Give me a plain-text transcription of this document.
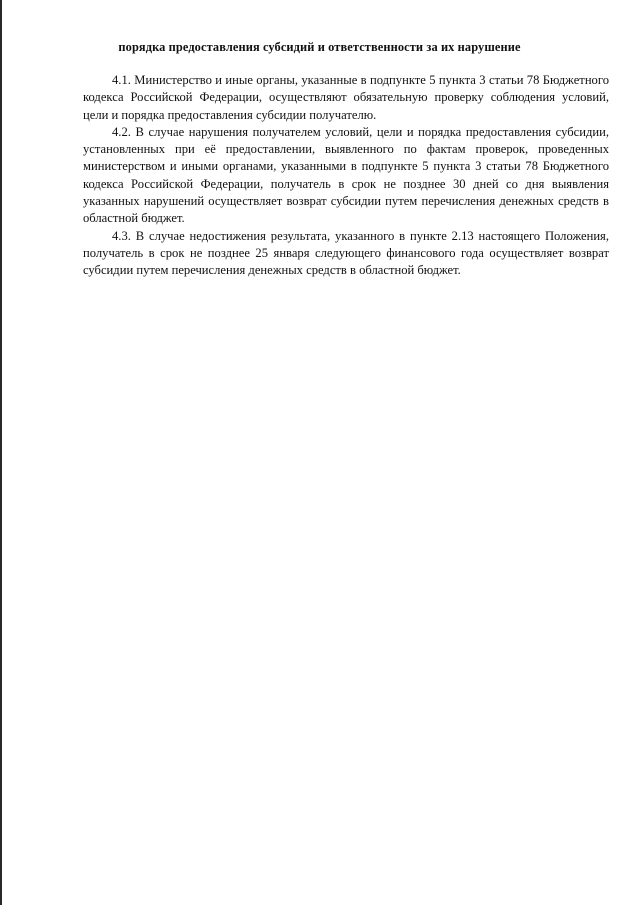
порядка предоставления субсидий и ответственности за их нарушение

4.1. Министерство и иные органы, указанные в подпункте 5 пункта 3 статьи 78 Бюджетного кодекса Российской Федерации, осуществляют обязательную проверку соблюдения условий, цели и порядка предоставления субсидии получателю.

4.2. В случае нарушения получателем условий, цели и порядка предоставления субсидии, установленных при её предоставлении, выявленного по фактам проверок, проведенных министерством и иными органами, указанными в подпункте 5 пункта 3 статьи 78 Бюджетного кодекса Российской Федерации, получатель в срок не позднее 30 дней со дня выявления указанных нарушений осуществляет возврат субсидии путем перечисления денежных средств в областной бюджет.

4.3. В случае недостижения результата, указанного в пункте 2.13 настоящего Положения, получатель в срок не позднее 25 января следующего финансового года осуществляет возврат субсидии путем перечисления денежных средств в областной бюджет.
